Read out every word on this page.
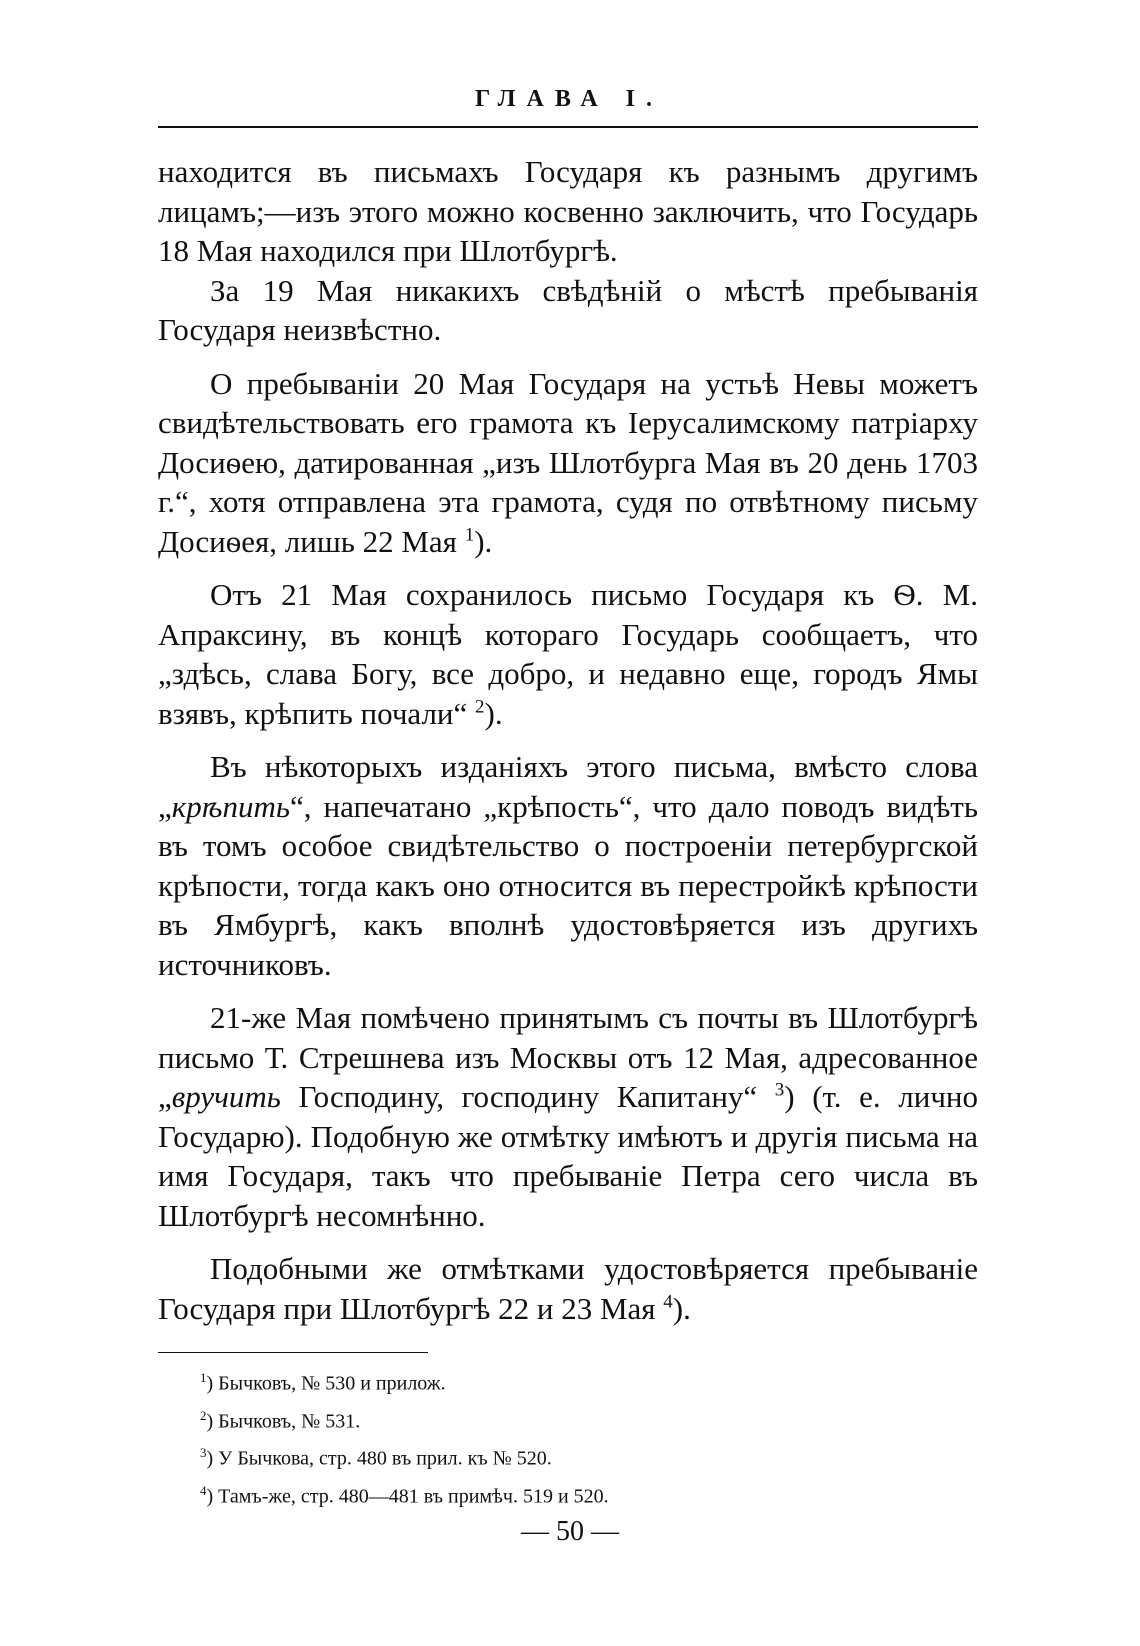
ГЛАВА I.

находится въ письмахъ Государя къ разнымъ другимъ лицамъ;—изъ этого можно косвенно заключить, что Государь 18 Мая находился при Шлотбургѣ.

За 19 Мая никакихъ свѣдѣній о мѣстѣ пребыванія Государя неизвѣстно.

О пребываніи 20 Мая Государя на устьѣ Невы можетъ свидѣтельствовать его грамота къ Іерусалимскому патріарху Досиѳею, датированная „изъ Шлотбурга Мая въ 20 день 1703 г.“, хотя отправлена эта грамота, судя по отвѣтному письму Досиѳея, лишь 22 Мая $^1$).

Отъ 21 Мая сохранилось письмо Государя къ Ѳ. М. Апраксину, въ концѣ котораго Государь сообщаетъ, что „здѣсь, слава Богу, все добро, и недавно еще, городъ Ямы взявъ, крѣпить почали“ $^2$).

Въ нѣкоторыхъ изданіяхъ этого письма, вмѣсто слова „крѣпить“, напечатано „крѣпость“, что дало поводъ видѣть въ томъ особое свидѣтельство о построеніи петербургской крѣпости, тогда какъ оно относится въ перестройкѣ крѣпости въ Ямбургѣ, какъ вполнѣ удостовѣряется изъ другихъ источниковъ.

21-же Мая помѣчено принятымъ съ почты въ Шлотбургѣ письмо Т. Стрешнева изъ Москвы отъ 12 Мая, адресованное „вручить Господину, господину Капитану“ $^3$) (т. е. лично Государю). Подобную же отмѣтку имѣютъ и другія письма на имя Государя, такъ что пребываніе Петра сего числа въ Шлотбургѣ несомнѣнно.

Подобными же отмѣтками удостовѣряется пребываніе Государя при Шлотбургѣ 22 и 23 Мая $^4$).

$^1$) Бычковъ, № 530 и прилож.
$^2$) Бычковъ, № 531.
$^3$) У Бычкова, стр. 480 въ прил. къ № 520.
$^4$) Тамъ-же, стр. 480—481 въ примѣч. 519 и 520.
— 50 —
